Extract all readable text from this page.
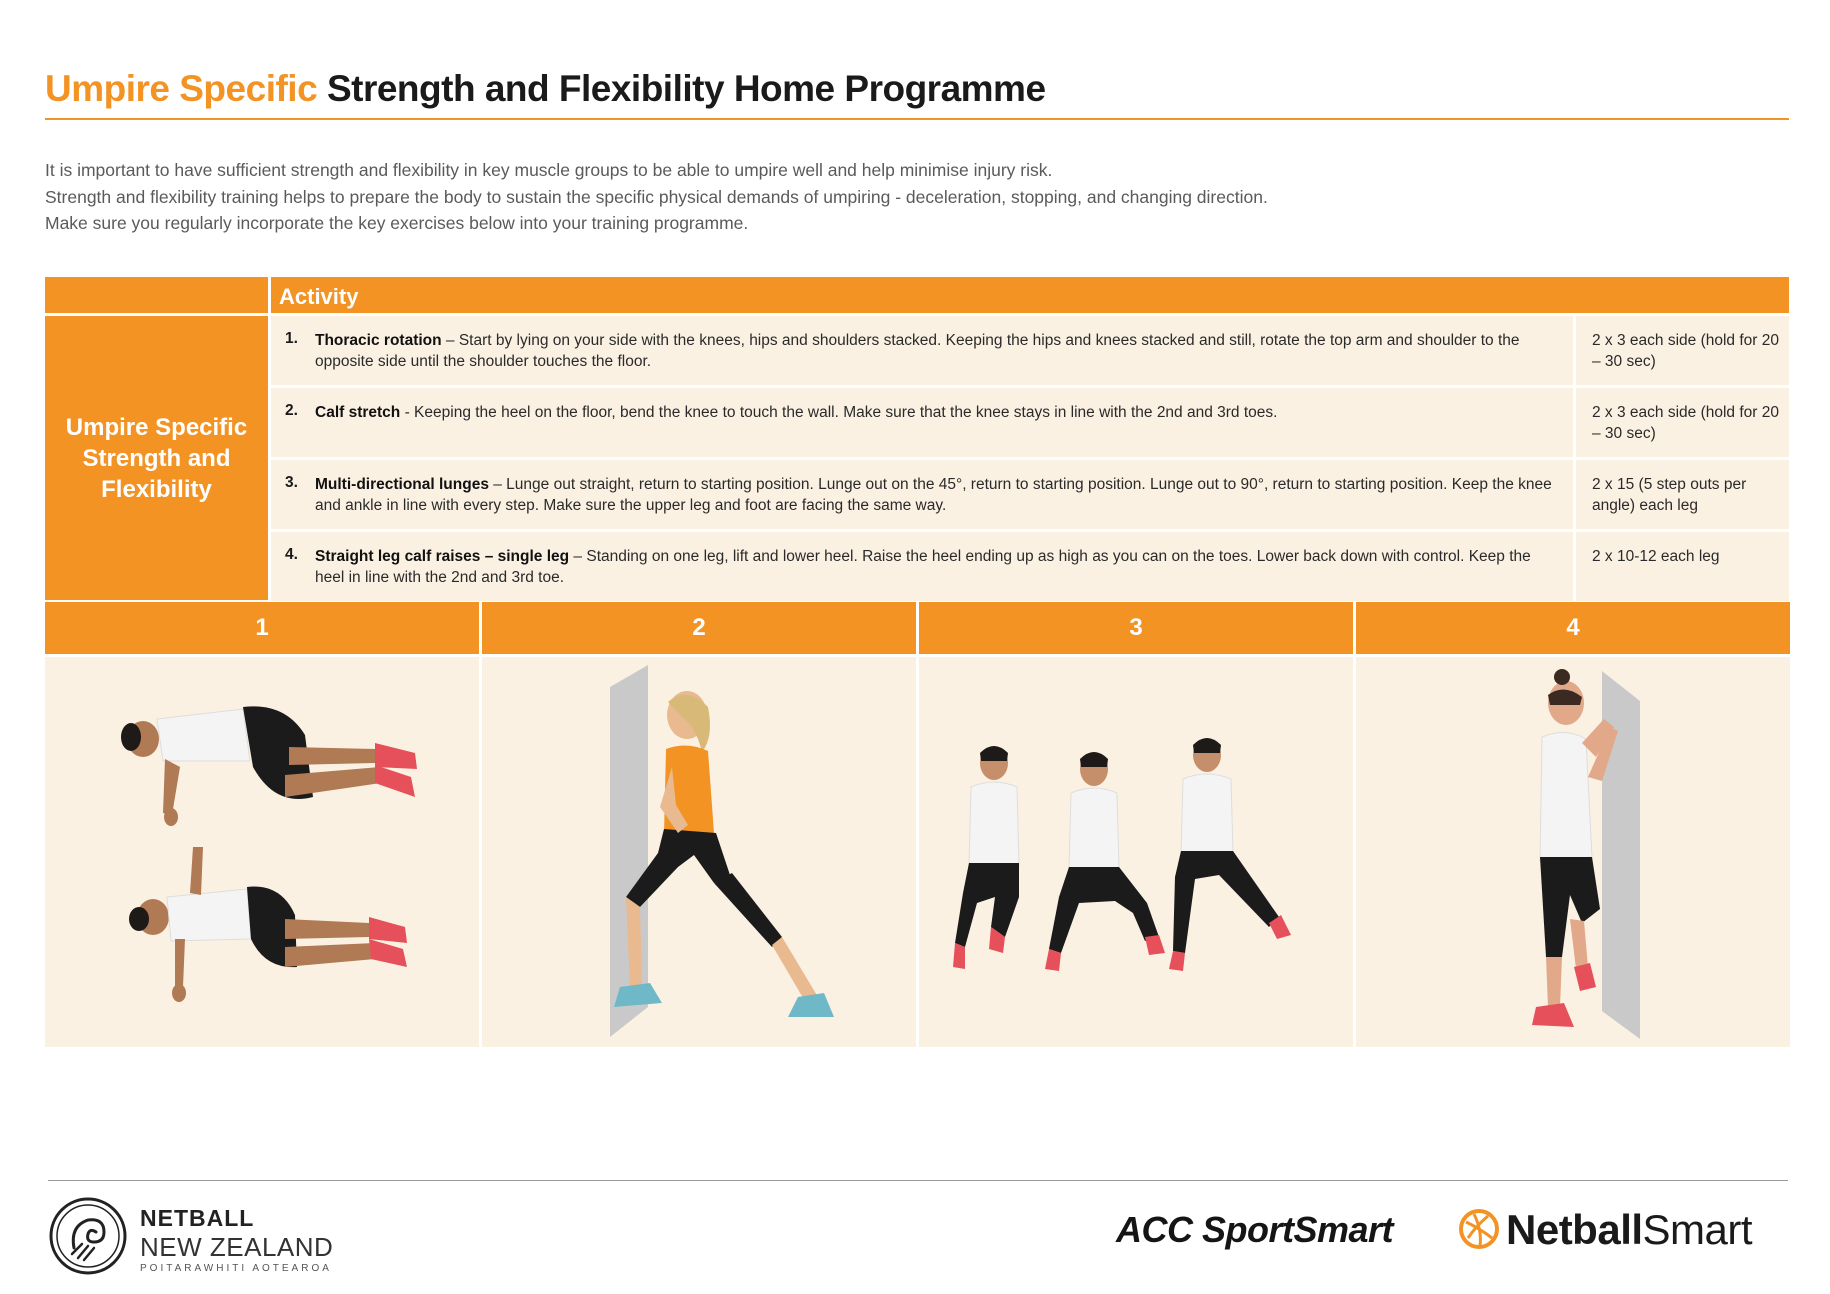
Umpire Specific Strength and Flexibility Home Programme

It is important to have sufficient strength and flexibility in key muscle groups to be able to umpire well and help minimise injury risk.

Strength and flexibility training helps to prepare the body to sustain the specific physical demands of umpiring - deceleration, stopping, and changing direction.

Make sure you regularly incorporate the key exercises below into your training programme.

Activity
Umpire Specific Strength and Flexibility
1. Thoracic rotation – Start by lying on your side with the knees, hips and shoulders stacked. Keeping the hips and knees stacked and still, rotate the top arm and shoulder to the opposite side until the shoulder touches the floor.
2 x 3 each side (hold for 20 – 30 sec)
2. Calf stretch - Keeping the heel on the floor, bend the knee to touch the wall. Make sure that the knee stays in line with the 2nd and 3rd toes.	2 x 3 each side (hold for 20 – 30 sec)
3. Multi-directional lunges – Lunge out straight, return to starting position. Lunge out on the 45°, return to starting position. Lunge out to 90°, return to starting position. Keep the knee and ankle in line with every step. Make sure the upper leg and foot are facing the same way.
2 x 15 (5 step outs per angle) each leg
4. Straight leg calf raises – single leg – Standing on one leg, lift and lower heel. Raise the heel ending up as high as you can on the toes. Lower back down with control. Keep the heel in line with the 2nd and 3rd toe.
2 x 10-12 each leg
1	2	3	4
NETBALL
NEW ZEALAND
POITARAWHITI AOTEAROA
ACC SportSmart	NetballSmart
